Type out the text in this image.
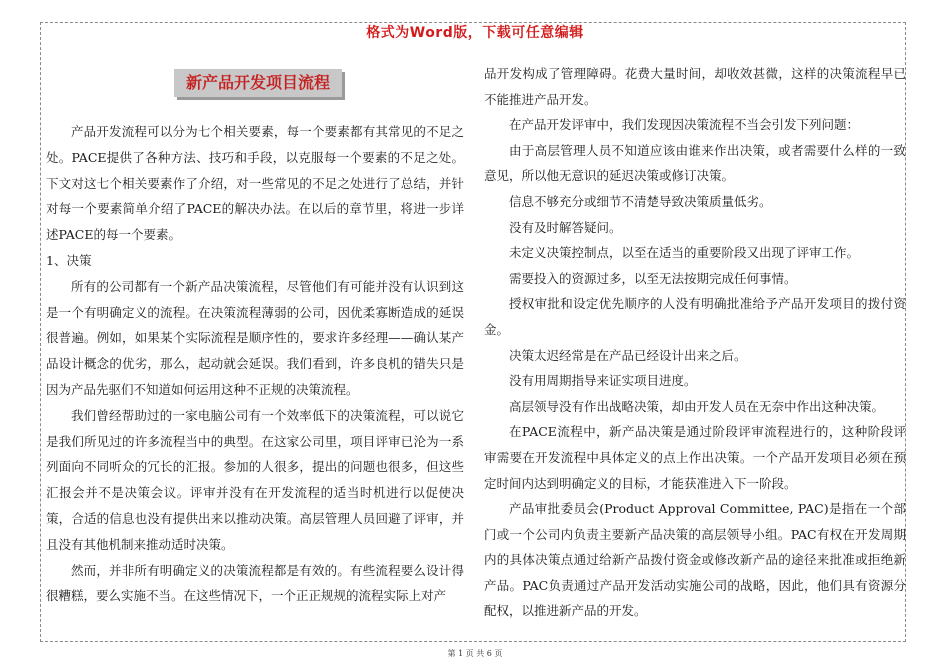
格式为Word版，下载可任意编辑
新产品开发项目流程

产品开发流程可以分为七个相关要素，每一个要素都有其常见的不足之处。PACE提供了各种方法、技巧和手段，以克服每一个要素的不足之处。下文对这七个相关要素作了介绍，对一些常见的不足之处进行了总结，并针对每一个要素简单介绍了PACE的解决办法。在以后的章节里，将进一步详述PACE的每一个要素。

1、决策

所有的公司都有一个新产品决策流程，尽管他们有可能并没有认识到这是一个有明确定义的流程。在决策流程薄弱的公司，因优柔寡断造成的延误很普遍。例如，如果某个实际流程是顺序性的，要求许多经理——确认某产品设计概念的优劣，那么，起动就会延误。我们看到，许多良机的错失只是因为产品先驱们不知道如何运用这种不正规的决策流程。

我们曾经帮助过的一家电脑公司有一个效率低下的决策流程，可以说它是我们所见过的许多流程当中的典型。在这家公司里，项目评审已沦为一系列面向不同听众的冗长的汇报。参加的人很多，提出的问题也很多，但这些汇报会并不是决策会议。评审并没有在开发流程的适当时机进行以促使决策，合适的信息也没有提供出来以推动决策。高层管理人员回避了评审，并且没有其他机制来推动适时决策。

然而，并非所有明确定义的决策流程都是有效的。有些流程要么设计得很糟糕，要么实施不当。在这些情况下，一个正正规规的流程实际上对产

品开发构成了管理障碍。花费大量时间，却收效甚微，这样的决策流程早已不能推进产品开发。

在产品开发评审中，我们发现因决策流程不当会引发下列问题：

由于高层管理人员不知道应该由谁来作出决策，或者需要什么样的一致意见，所以他无意识的延迟决策或修订决策。

信息不够充分或细节不清楚导致决策质量低劣。

没有及时解答疑问。

未定义决策控制点，以至在适当的重要阶段又出现了评审工作。

需要投入的资源过多，以至无法按期完成任何事情。

授权审批和设定优先顺序的人没有明确批准给予产品开发项目的拨付资金。

决策太迟经常是在产品已经设计出来之后。

没有用周期指导来证实项目进度。

高层领导没有作出战略决策，却由开发人员在无奈中作出这种决策。

在PACE流程中，新产品决策是通过阶段评审流程进行的，这种阶段评审需要在开发流程中具体定义的点上作出决策。一个产品开发项目必须在预定时间内达到明确定义的目标，才能获准进入下一阶段。

产品审批委员会(Product Approval Committee, PAC)是指在一个部门或一个公司内负责主要新产品决策的高层领导小组。PAC有权在开发周期内的具体决策点通过给新产品拨付资金或修改新产品的途径来批准或拒绝新产品。PAC负责通过产品开发活动实施公司的战略，因此，他们具有资源分配权，以推进新产品的开发。

第 1 页 共 6 页
